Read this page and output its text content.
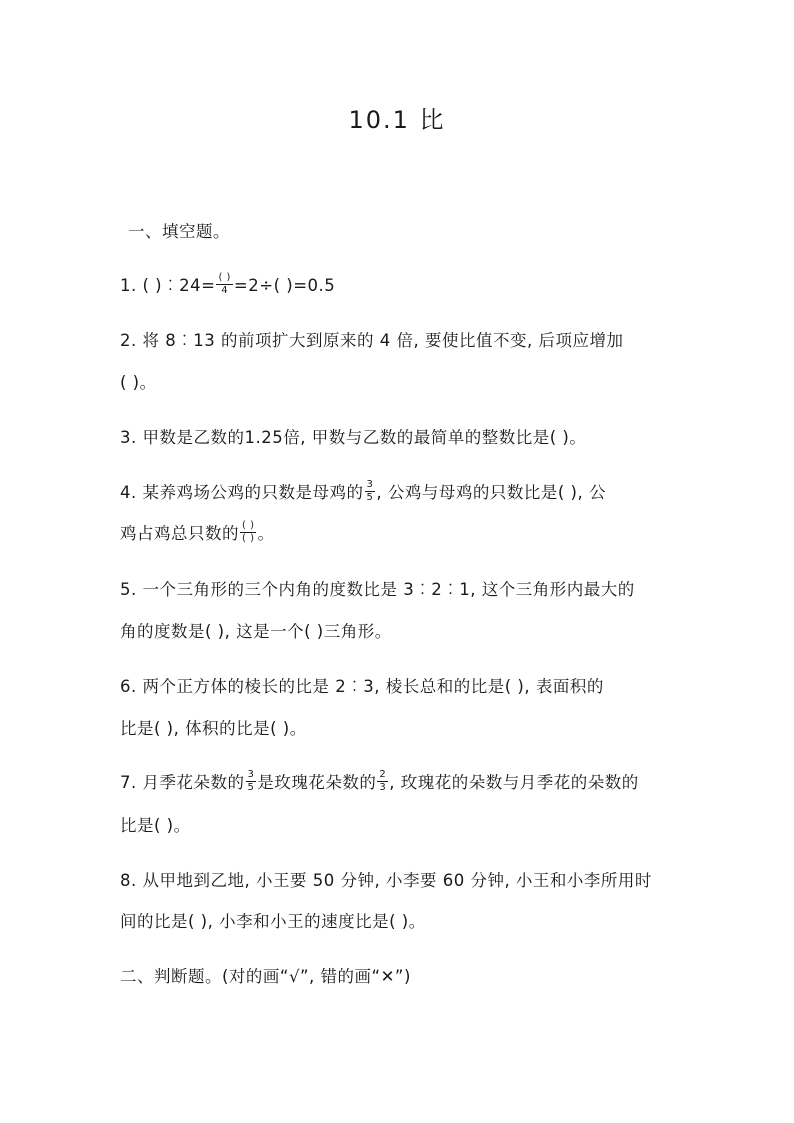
10.1 比
一、填空题。
1. ( )︰24= $\frac{( )}{4} =2\div$( )=0.5
2. 将 8︰13 的前项扩大到原来的 4 倍, 要使比值不变, 后项应增加
( )。
3. 甲数是乙数的1.25倍, 甲数与乙数的最简单的整数比是( )。
4. 某养鸡场公鸡的只数是母鸡的 $\frac{3}{5}$ , 公鸡与母鸡的只数比是( ), 公
鸡占鸡总只数的 $\frac{( )}{( )}$ 。
5. 一个三角形的三个内角的度数比是 3︰2︰1, 这个三角形内最大的
角的度数是( ), 这是一个( )三角形。
6. 两个正方体的棱长的比是 2︰3, 棱长总和的比是( ), 表面积的
比是( ), 体积的比是( )。
7. 月季花朵数的 $\frac{3}{5}$ 是玫瑰花朵数的 $\frac{2}{3}$ , 玫瑰花的朵数与月季花的朵数的
比是( )。
8. 从甲地到乙地, 小王要 50 分钟, 小李要 60 分钟, 小王和小李所用时
间的比是( ), 小李和小王的速度比是( )。
二、判断题。(对的画“√”, 错的画“✕”)
